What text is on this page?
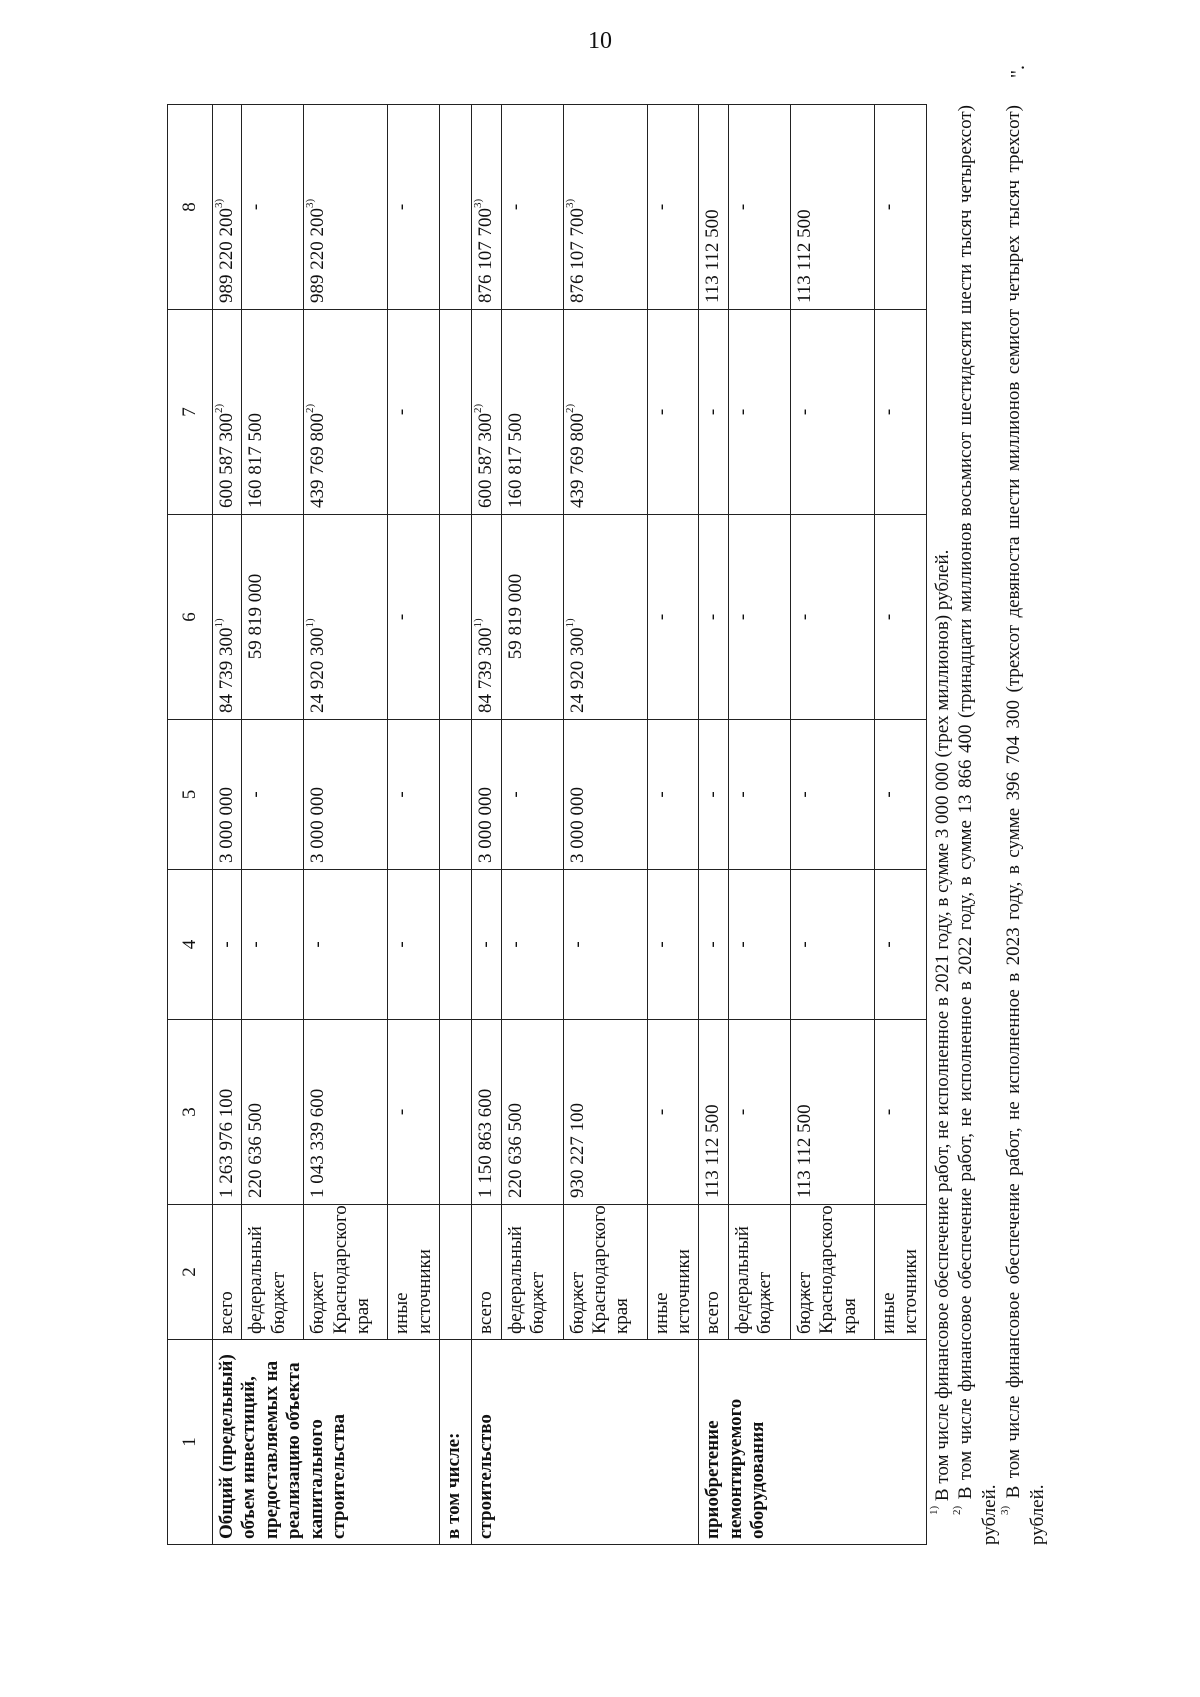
10
1	2	3	4	5	6	7	8
Общий (предельный) объем инвестиций, предоставляемых на реализацию объекта капитального строительства	всего	1 263 976 100	-	3 000 000	84 739 300$^{1)}$	600 587 300$^{2)}$	989 220 200$^{3)}$
	федеральный бюджет	220 636 500	-	-	59 819 000	160 817 500	-
	бюджет Краснодарского края	1 043 339 600	-	3 000 000	24 920 300$^{1)}$	439 769 800$^{2)}$	989 220 200$^{3)}$
	иные источники	-	-	-	-	-	-
в том числе:							
строительство	всего	1 150 863 600	-	3 000 000	84 739 300$^{1)}$	600 587 300$^{2)}$	876 107 700$^{3)}$
	федеральный бюджет	220 636 500	-	-	59 819 000	160 817 500	-
	бюджет Краснодарского края	930 227 100	-	3 000 000	24 920 300$^{1)}$	439 769 800$^{2)}$	876 107 700$^{3)}$
	иные источники	-	-	-	-	-	-
приобретение немонтируемого оборудования	всего	113 112 500	-	-	-	-	113 112 500
	федеральный бюджет	-	-	-	-	-	-
	бюджет Краснодарского края	113 112 500	-	-	-	-	113 112 500
	иные источники	-	-	-	-	-	-

$^{1)}$ В том числе финансовое обеспечение работ, не исполненное в 2021 году, в сумме 3 000 000 (трех миллионов) рублей.

$^{2)}$ В том числе финансовое обеспечение работ, не исполненное в 2022 году, в сумме 13 866 400 (тринадцати миллионов восьмисот шестидесяти шести тысяч четырехсот) рублей.

$^{3)}$ В том числе финансовое обеспечение работ, не исполненное в 2023 году, в сумме 396 704 300 (трехсот девяноста шести миллионов семисот четырех тысяч трехсот) рублей.

".
